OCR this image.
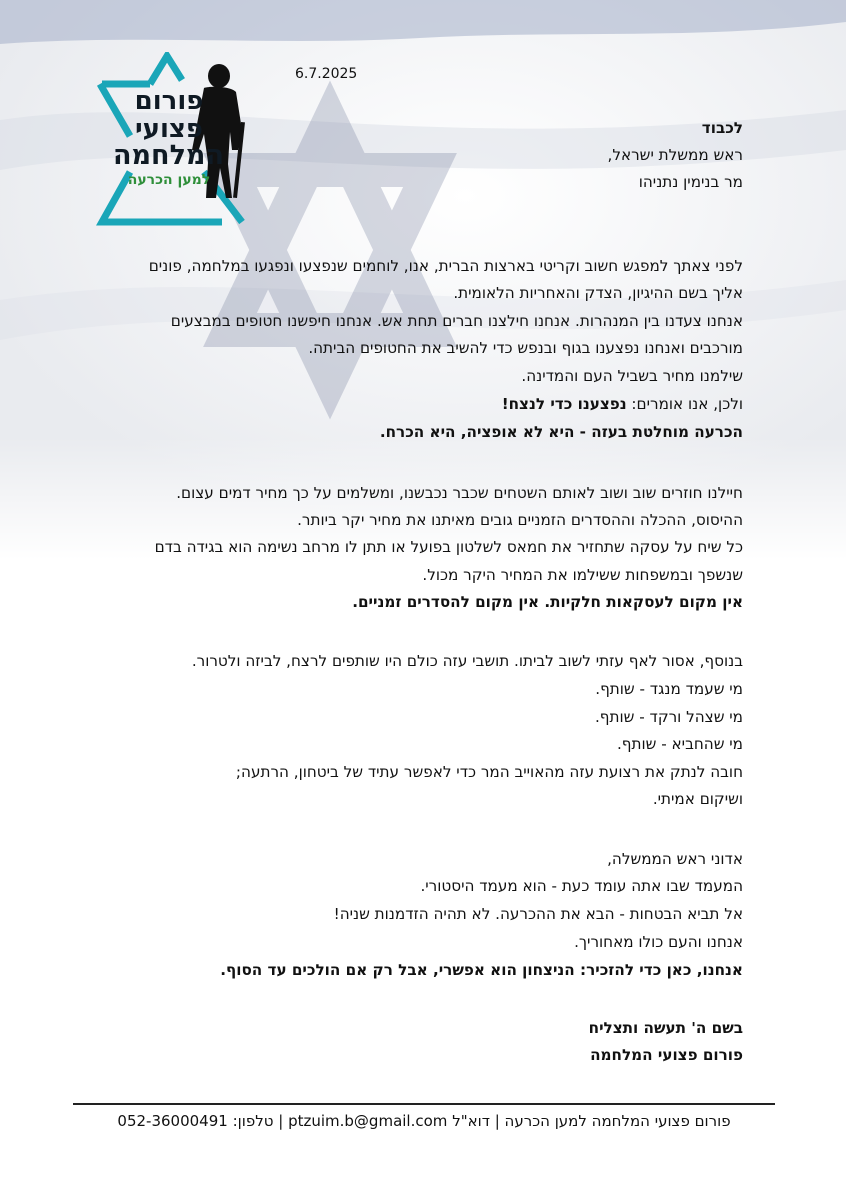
פורום
פצועי
המלחמה
למען הכרעה
6.7.2025
לכבוד
ראש ממשלת ישראל,
מר בנימין נתניהו
לפני צאתך למפגש חשוב וקריטי בארצות הברית, אנו, לוחמים שנפצעו ונפגעו במלחמה, פונים
אליך בשם ההיגיון, הצדק והאחריות הלאומית.
אנחנו צעדנו בין המנהרות. אנחנו חילצנו חברים תחת אש. אנחנו חיפשנו חטופים במבצעים
מורכבים ואנחנו נפצענו בגוף ובנפש כדי להשיב את החטופים הביתה.
שילמנו מחיר בשביל העם והמדינה.
ולכן, אנו אומרים: נפצענו כדי לנצח!
הכרעה מוחלטת בעזה - היא לא אופציה, היא הכרח.
חיילנו חוזרים שוב ושוב לאותם השטחים שכבר נכבשנו, ומשלמים על כך מחיר דמים עצום.
ההיסוס, ההכלה וההסדרים הזמניים גובים מאיתנו את מחיר יקר ביותר.
כל שיח על עסקה שתחזיר את חמאס לשלטון בפועל או תתן לו מרחב נשימה הוא בגידה בדם
שנשפך ובמשפחות ששילמו את המחיר היקר מכול.
אין מקום לעסקאות חלקיות. אין מקום להסדרים זמניים.
בנוסף, אסור לאף עזתי לשוב לביתו. תושבי עזה כולם היו שותפים לרצח, לביזה ולטרור.
מי שעמד מנגד - שותף.
מי שצהל ורקד - שותף.
מי שהחביא - שותף.
חובה לנתק את רצועת עזה מהאוייב המר כדי לאפשר עתיד של ביטחון, הרתעה;
ושיקום אמיתי.
אדוני ראש הממשלה,
המעמד שבו אתה עומד כעת - הוא מעמד היסטורי.
אל תביא הבטחות - הבא את ההכרעה. לא תהיה הזדמנות שניה!
אנחנו והעם כולו מאחוריך.
אנחנו, כאן כדי להזכיר: הניצחון הוא אפשרי, אבל רק אם הולכים עד הסוף.
בשם ה' תעשה ותצליח
פורום פצועי המלחמה
פורום פצועי המלחמה למען הכרעה | דוא"ל ptzuim.b@gmail.com | טלפון: 052-36000491
